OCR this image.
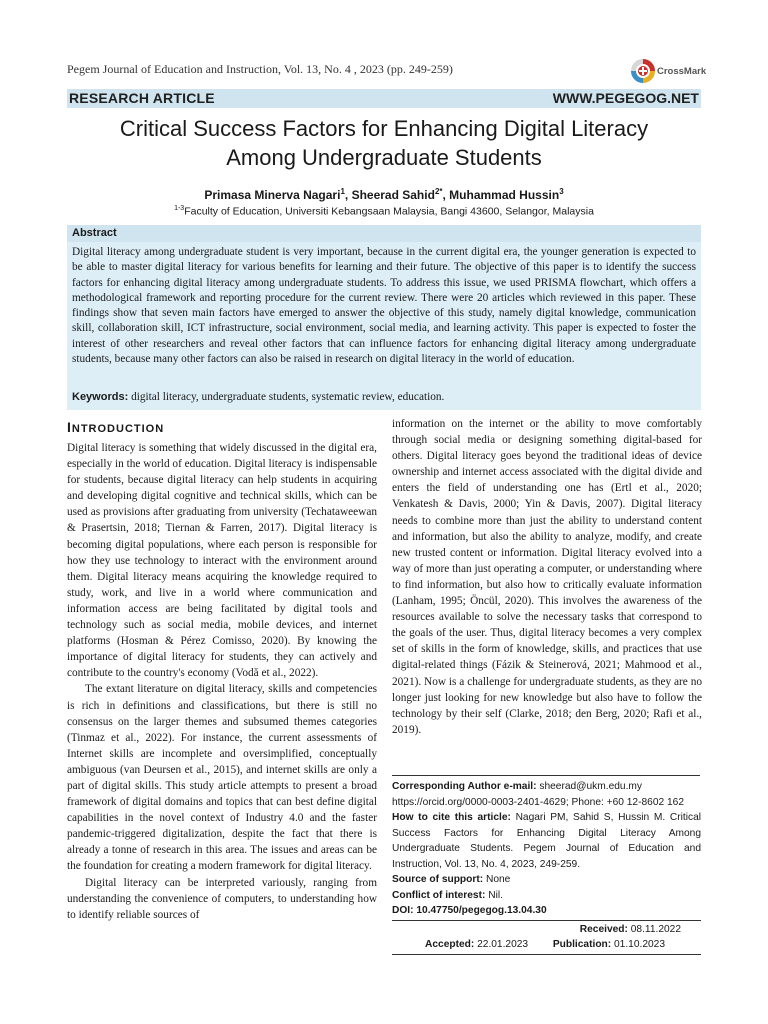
Pegem Journal of Education and Instruction, Vol. 13, No. 4 , 2023 (pp. 249-259)	CrossMark
RESEARCH ARTICLE	WWW.PEGEGOG.NET
Critical Success Factors for Enhancing Digital Literacy
Among Undergraduate Students
Primasa Minerva Nagari$^1$, Sheerad Sahid$^{2*}$, Muhammad Hussin$^3$
$^{1-3}$Faculty of Education, Universiti Kebangsaan Malaysia, Bangi 43600, Selangor, Malaysia
Abstract
Digital literacy among undergraduate student is very important, because in the current digital era, the younger generation is expected to be able to master digital literacy for various benefits for learning and their future. The objective of this paper is to identify the success factors for enhancing digital literacy among undergraduate students. To address this issue, we used PRISMA flowchart, which offers a methodological framework and reporting procedure for the current review. There were 20 articles which reviewed in this paper. These findings show that seven main factors have emerged to answer the objective of this study, namely digital knowledge, communication skill, collaboration skill, ICT infrastructure, social environment, social media, and learning activity. This paper is expected to foster the interest of other researchers and reveal other factors that can influence factors for enhancing digital literacy among undergraduate students, because many other factors can also be raised in research on digital literacy in the world of education.
Keywords: digital literacy, undergraduate students, systematic review, education.
INTRODUCTION

Digital literacy is something that widely discussed in the digital era, especially in the world of education. Digital literacy is indispensable for students, because digital literacy can help students in acquiring and developing digital cognitive and technical skills, which can be used as provisions after graduating from university (Techataweewan & Prasertsin, 2018; Tiernan & Farren, 2017). Digital literacy is becoming digital populations, where each person is responsible for how they use technology to interact with the environment around them. Digital literacy means acquiring the knowledge required to study, work, and live in a world where communication and information access are being facilitated by digital tools and technology such as social media, mobile devices, and internet platforms (Hosman & Pérez Comisso, 2020). By knowing the importance of digital literacy for students, they can actively and contribute to the country's economy (Vodă et al., 2022).

The extant literature on digital literacy, skills and competencies is rich in definitions and classifications, but there is still no consensus on the larger themes and subsumed themes categories (Tinmaz et al., 2022). For instance, the current assessments of Internet skills are incomplete and oversimplified, conceptually ambiguous (van Deursen et al., 2015), and internet skills are only a part of digital skills. This study article attempts to present a broad framework of digital domains and topics that can best define digital capabilities in the novel context of Industry 4.0 and the faster pandemic-triggered digitalization, despite the fact that there is already a tonne of research in this area. The issues and areas can be the foundation for creating a modern framework for digital literacy.

Digital literacy can be interpreted variously, ranging from understanding the convenience of computers, to understanding how to identify reliable sources of

information on the internet or the ability to move comfortably through social media or designing something digital-based for others. Digital literacy goes beyond the traditional ideas of device ownership and internet access associated with the digital divide and enters the field of understanding one has (Ertl et al., 2020; Venkatesh & Davis, 2000; Yin & Davis, 2007). Digital literacy needs to combine more than just the ability to understand content and information, but also the ability to analyze, modify, and create new trusted content or information. Digital literacy evolved into a way of more than just operating a computer, or understanding where to find information, but also how to critically evaluate information (Lanham, 1995; Öncül, 2020). This involves the awareness of the resources available to solve the necessary tasks that correspond to the goals of the user. Thus, digital literacy becomes a very complex set of skills in the form of knowledge, skills, and practices that use digital-related things (Fázik & Steinerová, 2021; Mahmood et al., 2021). Now is a challenge for undergraduate students, as they are no longer just looking for new knowledge but also have to follow the technology by their self (Clarke, 2018; den Berg, 2020; Rafi et al., 2019).

Corresponding Author e-mail: sheerad@ukm.edu.my
https://orcid.org/0000-0003-2401-4629; Phone: +60 12-8602 162
How to cite this article: Nagari PM, Sahid S, Hussin M. Critical Success Factors for Enhancing Digital Literacy Among Undergraduate Students. Pegem Journal of Education and Instruction, Vol. 13, No. 4, 2023, 249-259.
Source of support: None
Conflict of interest: Nil.
DOI: 10.47750/pegegog.13.04.30
Received: 08.11.2022
Accepted: 22.01.2023 Publication: 01.10.2023
